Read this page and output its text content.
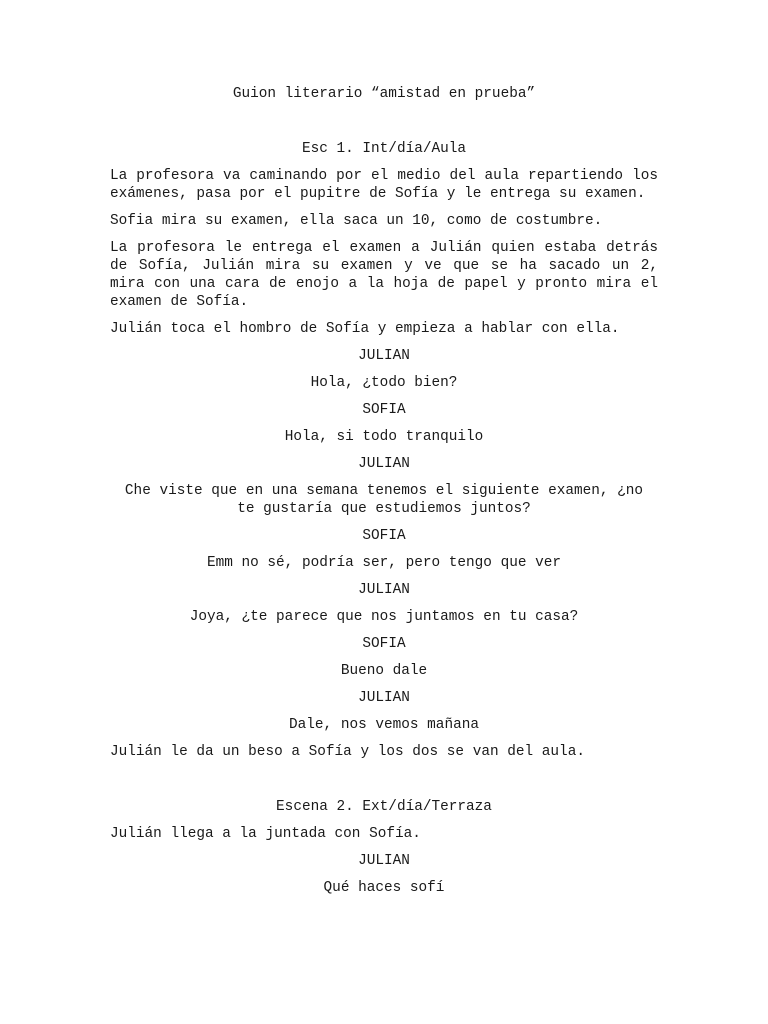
Guion literario “amistad en prueba”
Esc 1. Int/día/Aula
La profesora va caminando por el medio del aula repartiendo los exámenes, pasa por el pupitre de Sofía y le entrega su examen.
Sofia mira su examen, ella saca un 10, como de costumbre.
La profesora le entrega el examen a Julián quien estaba detrás de Sofía, Julián mira su examen y ve que se ha sacado un 2, mira con una cara de enojo a la hoja de papel y pronto mira el examen de Sofía.
Julián toca el hombro de Sofía y empieza a hablar con ella.
JULIAN
Hola, ¿todo bien?
SOFIA
Hola, si todo tranquilo
JULIAN
Che viste que en una semana tenemos el siguiente examen, ¿no te gustaría que estudiemos juntos?
SOFIA
Emm no sé, podría ser, pero tengo que ver
JULIAN
Joya, ¿te parece que nos juntamos en tu casa?
SOFIA
Bueno dale
JULIAN
Dale, nos vemos mañana
Julián le da un beso a Sofía y los dos se van del aula.
Escena 2. Ext/día/Terraza
Julián llega a la juntada con Sofía.
JULIAN
Qué haces sofí
